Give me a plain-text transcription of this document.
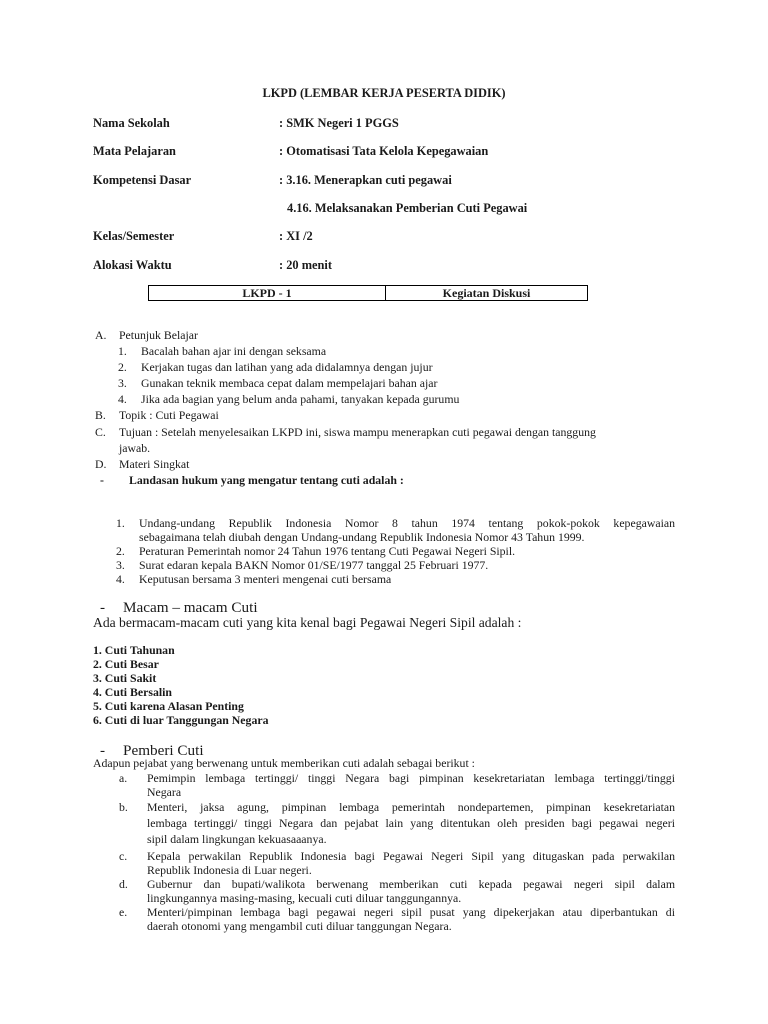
LKPD (LEMBAR KERJA PESERTA DIDIK)
Nama Sekolah	: SMK Negeri 1 PGGS
Mata Pelajaran	: Otomatisasi Tata Kelola Kepegawaian
Kompetensi Dasar	: 3.16. Menerapkan cuti pegawai
4.16. Melaksanakan Pemberian Cuti Pegawai
Kelas/Semester	: XI /2
Alokasi Waktu	: 20 menit
LKPD - 1	Kegiatan Diskusi
A. Petunjuk Belajar
1. Bacalah bahan ajar ini dengan seksama
2. Kerjakan tugas dan latihan yang ada didalamnya dengan jujur
3. Gunakan teknik membaca cepat dalam mempelajari bahan ajar
4. Jika ada bagian yang belum anda pahami, tanyakan kepada gurumu
B. Topik : Cuti Pegawai
C. Tujuan : Setelah menyelesaikan LKPD ini, siswa mampu menerapkan cuti pegawai dengan tanggung
jawab.
D. Materi Singkat
- Landasan hukum yang mengatur tentang cuti adalah :
1. Undang-undang Republik Indonesia Nomor 8 tahun 1974 tentang pokok-pokok kepegawaian
sebagaimana telah diubah dengan Undang-undang Republik Indonesia Nomor 43 Tahun 1999.
2. Peraturan Pemerintah nomor 24 Tahun 1976 tentang Cuti Pegawai Negeri Sipil.
3. Surat edaran kepala BAKN Nomor 01/SE/1977 tanggal 25 Februari 1977.
4. Keputusan bersama 3 menteri mengenai cuti bersama
- Macam – macam Cuti
Ada bermacam-macam cuti yang kita kenal bagi Pegawai Negeri Sipil adalah :
1. Cuti Tahunan
2. Cuti Besar
3. Cuti Sakit
4. Cuti Bersalin
5. Cuti karena Alasan Penting
6. Cuti di luar Tanggungan Negara
- Pemberi Cuti
Adapun pejabat yang berwenang untuk memberikan cuti adalah sebagai berikut :
a. Pemimpin lembaga tertinggi/ tinggi Negara bagi pimpinan kesekretariatan lembaga tertinggi/tinggi
Negara
b. Menteri, jaksa agung, pimpinan lembaga pemerintah nondepartemen, pimpinan kesekretariatan
lembaga tertinggi/ tinggi Negara dan pejabat lain yang ditentukan oleh presiden bagi pegawai negeri
sipil dalam lingkungan kekuasaaanya.
c. Kepala perwakilan Republik Indonesia bagi Pegawai Negeri Sipil yang ditugaskan pada perwakilan
Republik Indonesia di Luar negeri.
d. Gubernur dan bupati/walikota berwenang memberikan cuti kepada pegawai negeri sipil dalam
lingkungannya masing-masing, kecuali cuti diluar tanggungannya.
e. Menteri/pimpinan lembaga bagi pegawai negeri sipil pusat yang dipekerjakan atau diperbantukan di
daerah otonomi yang mengambil cuti diluar tanggungan Negara.
